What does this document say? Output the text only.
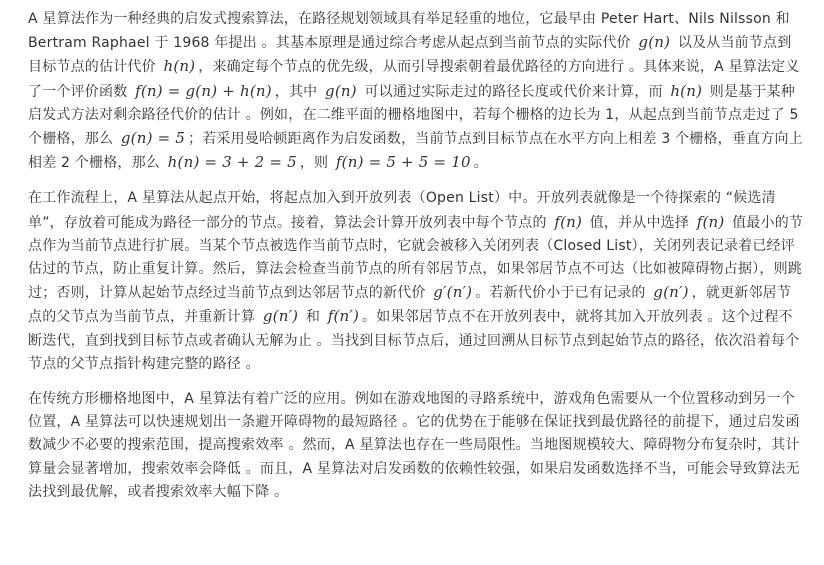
A 星算法作为一种经典的启发式搜索算法，在路径规划领域具有举足轻重的地位，它最早由 Peter Hart、Nils Nilsson 和 Bertram Raphael 于 1968 年提出 。其基本原理是通过综合考虑从起点到当前节点的实际代价 g(n) 以及从当前节点到目标节点的估计代价 h(n) ，来确定每个节点的优先级，从而引导搜索朝着最优路径的方向进行 。具体来说，A 星算法定义了一个评价函数 f(n) = g(n) + h(n) ，其中 g(n) 可以通过实际走过的路径长度或代价来计算，而 h(n) 则是基于某种启发式方法对剩余路径代价的估计 。例如，在二维平面的栅格地图中，若每个栅格的边长为 1，从起点到当前节点走过了 5 个栅格，那么 g(n) = 5 ；若采用曼哈顿距离作为启发函数，当前节点到目标节点在水平方向上相差 3 个栅格，垂直方向上相差 2 个栅格，那么 h(n) = 3 + 2 = 5 ，则 f(n) = 5 + 5 = 10 。

在工作流程上，A 星算法从起点开始，将起点加入到开放列表（Open List）中。开放列表就像是一个待探索的 “候选清单”，存放着可能成为路径一部分的节点。接着，算法会计算开放列表中每个节点的 f(n) 值，并从中选择 f(n) 值最小的节点作为当前节点进行扩展。当某个节点被选作当前节点时，它就会被移入关闭列表（Closed List），关闭列表记录着已经评估过的节点，防止重复计算。然后，算法会检查当前节点的所有邻居节点，如果邻居节点不可达（比如被障碍物占据），则跳过；否则，计算从起始节点经过当前节点到达邻居节点的新代价 g′(n′) 。若新代价小于已有记录的 g(n′) ，就更新邻居节点的父节点为当前节点，并重新计算 g(n′) 和 f(n′) 。如果邻居节点不在开放列表中，就将其加入开放列表 。这个过程不断迭代，直到找到目标节点或者确认无解为止 。当找到目标节点后，通过回溯从目标节点到起始节点的路径，依次沿着每个节点的父节点指针构建完整的路径 。

在传统方形栅格地图中，A 星算法有着广泛的应用。例如在游戏地图的寻路系统中，游戏角色需要从一个位置移动到另一个位置，A 星算法可以快速规划出一条避开障碍物的最短路径 。它的优势在于能够在保证找到最优路径的前提下，通过启发函数减少不必要的搜索范围，提高搜索效率 。然而，A 星算法也存在一些局限性。当地图规模较大、障碍物分布复杂时，其计算量会显著增加，搜索效率会降低 。而且，A 星算法对启发函数的依赖性较强，如果启发函数选择不当，可能会导致算法无法找到最优解，或者搜索效率大幅下降 。
